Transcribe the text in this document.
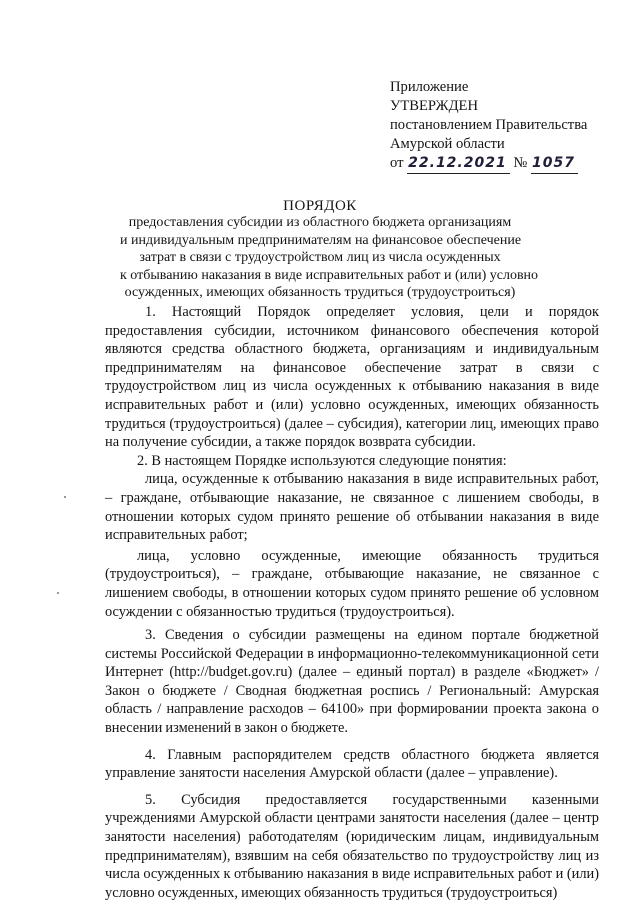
Приложение
УТВЕРЖДЕН
постановлением Правительства
Амурской области
от 22.12.2021 № 1057
ПОРЯДОК
предоставления субсидии из областного бюджета организациям
и индивидуальным предпринимателям на финансовое обеспечение
затрат в связи с трудоустройством лиц из числа осужденных
к отбыванию наказания в виде исправительных работ и (или) условно
осужденных, имеющих обязанность трудиться (трудоустроиться)

1. Настоящий Порядок определяет условия, цели и порядок предоставления субсидии, источником финансового обеспечения которой являются средства областного бюджета, организациям и индивидуальным предпринимателям на финансовое обеспечение затрат в связи с трудоустройством лиц из числа осужденных к отбыванию наказания в виде исправительных работ и (или) условно осужденных, имеющих обязанность трудиться (трудоустроиться) (далее – субсидия), категории лиц, имеющих право на получение субсидии, а также порядок возврата субсидии.

2. В настоящем Порядке используются следующие понятия:

лица, осужденные к отбыванию наказания в виде исправительных работ, – граждане, отбывающие наказание, не связанное с лишением свободы, в отношении которых судом принято решение об отбывании наказания в виде исправительных работ;

лица, условно осужденные, имеющие обязанность трудиться (трудоустроиться), – граждане, отбывающие наказание, не связанное с лишением свободы, в отношении которых судом принято решение об условном осуждении с обязанностью трудиться (трудоустроиться).

3. Сведения о субсидии размещены на едином портале бюджетной системы Российской Федерации в информационно-телекоммуникационной сети Интернет (http://budget.gov.ru) (далее – единый портал) в разделе «Бюджет» / Закон о бюджете / Сводная бюджетная роспись / Региональный: Амурская область / направление расходов – 64100» при формировании проекта закона о внесении изменений в закон о бюджете.

4. Главным распорядителем средств областного бюджета является управление занятости населения Амурской области (далее – управление).

5. Субсидия предоставляется государственными казенными учреждениями Амурской области центрами занятости населения (далее – центр занятости населения) работодателям (юридическим лицам, индивидуальным предпринимателям), взявшим на себя обязательство по трудоустройству лиц из числа осужденных к отбыванию наказания в виде исправительных работ и (или) условно осужденных, имеющих обязанность трудиться (трудоустроиться)
